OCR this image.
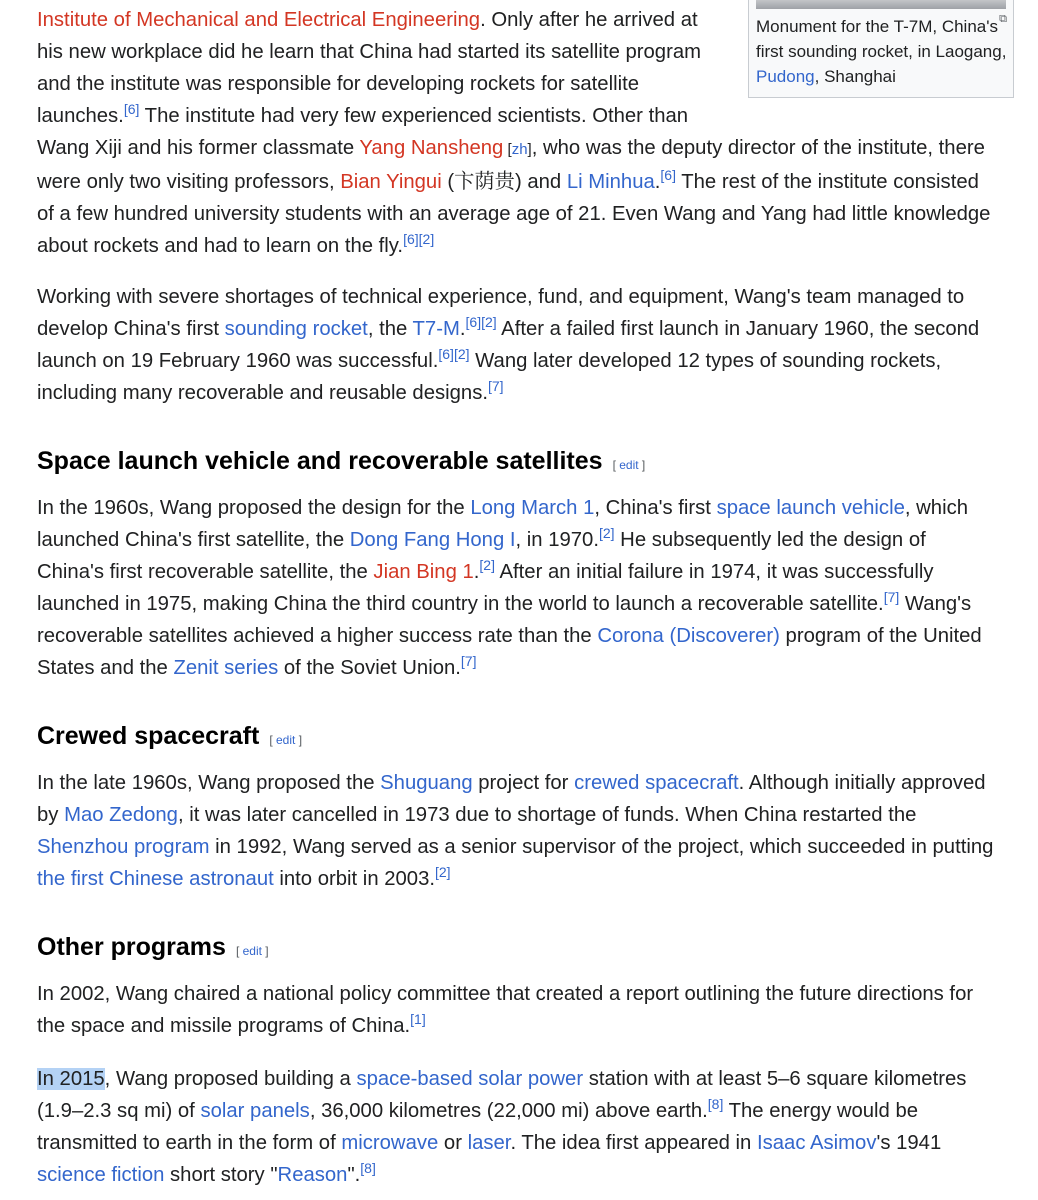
⧉
Monument for the T-7M, China's first sounding rocket, in Laogang, Pudong, Shanghai

Institute of Mechanical and Electrical Engineering. Only after he arrived at

his new workplace did he learn that China had started its satellite program

and the institute was responsible for developing rockets for satellite

launches.[6] The institute had very few experienced scientists. Other than

Wang Xiji and his former classmate Yang Nansheng [zh], who was the deputy director of the institute, there

were only two visiting professors, Bian Yingui (卞荫贵) and Li Minhua.[6] The rest of the institute consisted

of a few hundred university students with an average age of 21. Even Wang and Yang had little knowledge

about rockets and had to learn on the fly.[6][2]

Working with severe shortages of technical experience, fund, and equipment, Wang's team managed to

develop China's first sounding rocket, the T7-M.[6][2] After a failed first launch in January 1960, the second

launch on 19 February 1960 was successful.[6][2] Wang later developed 12 types of sounding rockets,

including many recoverable and reusable designs.[7]

Space launch vehicle and recoverable satellites [ edit ]

In the 1960s, Wang proposed the design for the Long March 1, China's first space launch vehicle, which

launched China's first satellite, the Dong Fang Hong I, in 1970.[2] He subsequently led the design of

China's first recoverable satellite, the Jian Bing 1.[2] After an initial failure in 1974, it was successfully

launched in 1975, making China the third country in the world to launch a recoverable satellite.[7] Wang's

recoverable satellites achieved a higher success rate than the Corona (Discoverer) program of the United

States and the Zenit series of the Soviet Union.[7]

Crewed spacecraft [ edit ]

In the late 1960s, Wang proposed the Shuguang project for crewed spacecraft. Although initially approved

by Mao Zedong, it was later cancelled in 1973 due to shortage of funds. When China restarted the

Shenzhou program in 1992, Wang served as a senior supervisor of the project, which succeeded in putting

the first Chinese astronaut into orbit in 2003.[2]

Other programs [ edit ]

In 2002, Wang chaired a national policy committee that created a report outlining the future directions for

the space and missile programs of China.[1]

In 2015, Wang proposed building a space-based solar power station with at least 5–6 square kilometres

(1.9–2.3 sq mi) of solar panels, 36,000 kilometres (22,000 mi) above earth.[8] The energy would be

transmitted to earth in the form of microwave or laser. The idea first appeared in Isaac Asimov's 1941

science fiction short story "Reason".[8]
